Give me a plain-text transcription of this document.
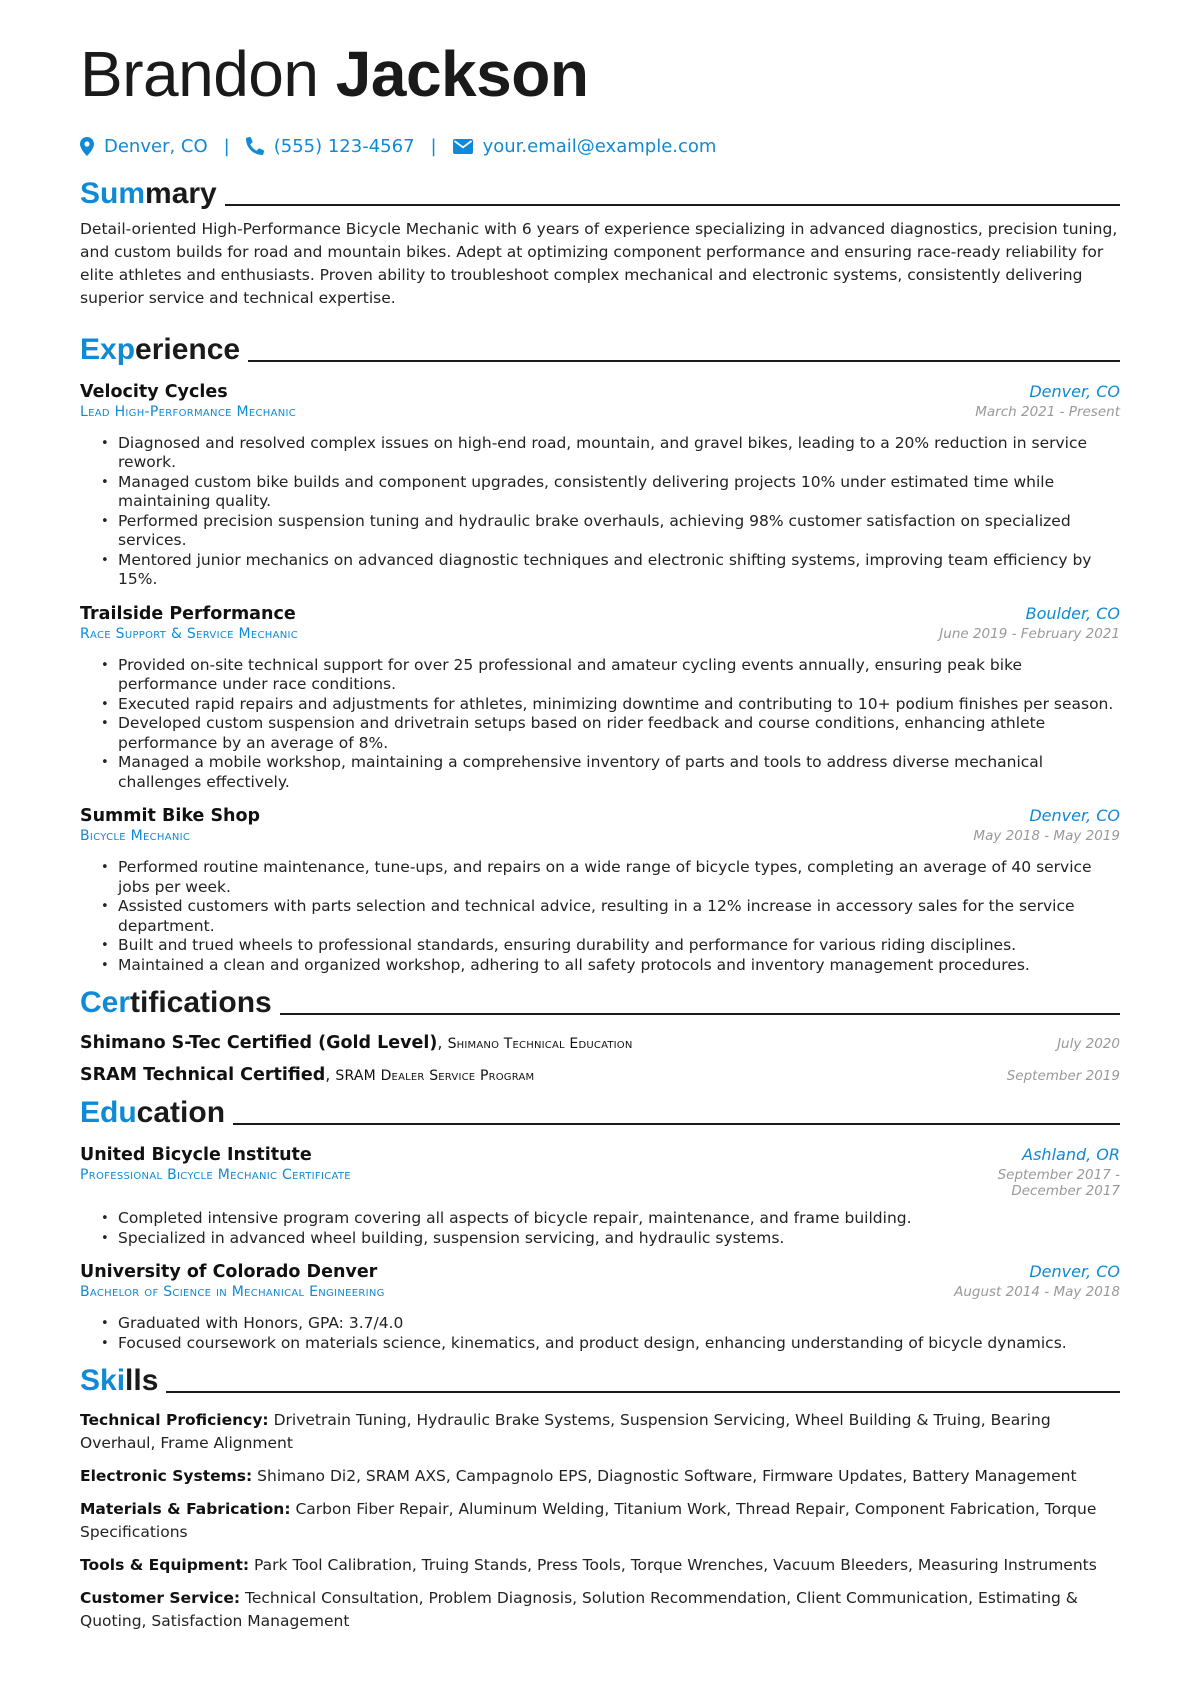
Brandon Jackson
Denver, CO | (555) 123-4567 |	your.email@example.com
Summary

Detail-oriented High-Performance Bicycle Mechanic with 6 years of experience specializing in advanced diagnostics, precision tuning, and custom builds for road and mountain bikes. Adept at optimizing component performance and ensuring race-ready reliability for elite athletes and enthusiasts. Proven ability to troubleshoot complex mechanical and electronic systems, consistently delivering superior service and technical expertise.

Experience
Velocity Cycles	Denver, CO
Lead High-Performance Mechanic	March 2021 - Present
• Diagnosed and resolved complex issues on high-end road, mountain, and gravel bikes, leading to a 20% reduction in service rework.
• Managed custom bike builds and component upgrades, consistently delivering projects 10% under estimated time while maintaining quality.
• Performed precision suspension tuning and hydraulic brake overhauls, achieving 98% customer satisfaction on specialized services.
• Mentored junior mechanics on advanced diagnostic techniques and electronic shifting systems, improving team efficiency by 15%.
Trailside Performance	Boulder, CO
Race Support & Service Mechanic	June 2019 - February 2021
• Provided on-site technical support for over 25 professional and amateur cycling events annually, ensuring peak bike performance under race conditions.
• Executed rapid repairs and adjustments for athletes, minimizing downtime and contributing to 10+ podium finishes per season.
• Developed custom suspension and drivetrain setups based on rider feedback and course conditions, enhancing athlete performance by an average of 8%.
• Managed a mobile workshop, maintaining a comprehensive inventory of parts and tools to address diverse mechanical challenges effectively.
Summit Bike Shop	Denver, CO
Bicycle Mechanic	May 2018 - May 2019
• Performed routine maintenance, tune-ups, and repairs on a wide range of bicycle types, completing an average of 40 service jobs per week.
• Assisted customers with parts selection and technical advice, resulting in a 12% increase in accessory sales for the service department.
• Built and trued wheels to professional standards, ensuring durability and performance for various riding disciplines.
• Maintained a clean and organized workshop, adhering to all safety protocols and inventory management procedures.
Certifications
Shimano S-Tec Certified (Gold Level), Shimano Technical Education	July 2020
SRAM Technical Certified, SRAM Dealer Service Program	September 2019
Education
United Bicycle Institute	Ashland, OR
Professional Bicycle Mechanic Certificate	September 2017 - December 2017
• Completed intensive program covering all aspects of bicycle repair, maintenance, and frame building.
• Specialized in advanced wheel building, suspension servicing, and hydraulic systems.
University of Colorado Denver	Denver, CO
Bachelor of Science in Mechanical Engineering	August 2014 - May 2018
• Graduated with Honors, GPA: 3.7/4.0
• Focused coursework on materials science, kinematics, and product design, enhancing understanding of bicycle dynamics.
Skills
Technical Proficiency: Drivetrain Tuning, Hydraulic Brake Systems, Suspension Servicing, Wheel Building & Truing, Bearing Overhaul, Frame Alignment
Electronic Systems: Shimano Di2, SRAM AXS, Campagnolo EPS, Diagnostic Software, Firmware Updates, Battery Management
Materials & Fabrication: Carbon Fiber Repair, Aluminum Welding, Titanium Work, Thread Repair, Component Fabrication, Torque Specifications
Tools & Equipment: Park Tool Calibration, Truing Stands, Press Tools, Torque Wrenches, Vacuum Bleeders, Measuring Instruments
Customer Service: Technical Consultation, Problem Diagnosis, Solution Recommendation, Client Communication, Estimating & Quoting, Satisfaction Management
